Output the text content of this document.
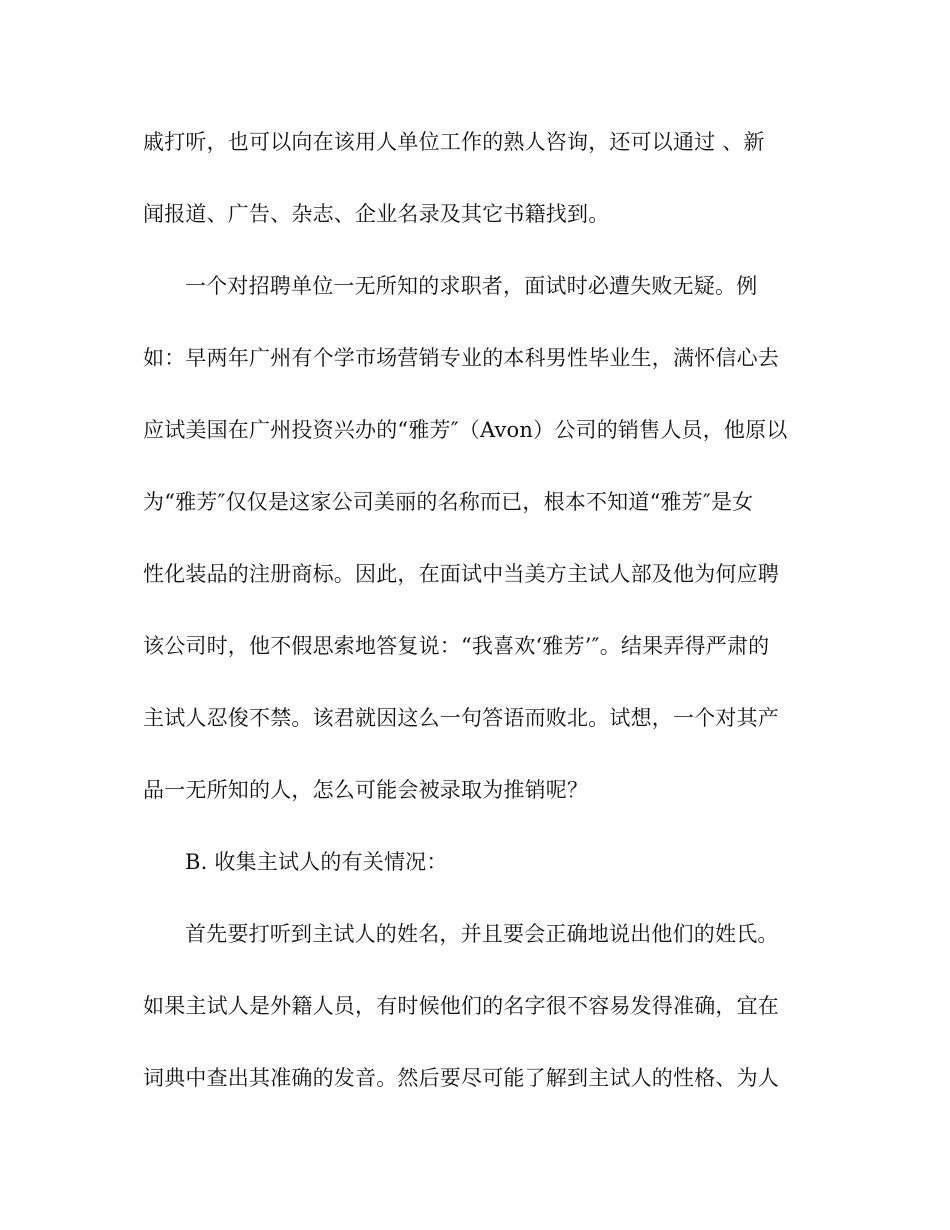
戚打听，也可以向在该用人单位工作的熟人咨询，还可以通过 、新
闻报道、广告、杂志、企业名录及其它书籍找到。
一个对招聘单位一无所知的求职者，面试时必遭失败无疑。例
如：早两年广州有个学市场营销专业的本科男性毕业生，满怀信心去
应试美国在广州投资兴办的“雅芳″（Avon）公司的销售人员，他原以
为“雅芳″仅仅是这家公司美丽的名称而已，根本不知道“雅芳″是女
性化装品的注册商标。因此，在面试中当美方主试人部及他为何应聘
该公司时，他不假思索地答复说：“我喜欢‘雅芳’″。结果弄得严肃的
主试人忍俊不禁。该君就因这么一句答语而败北。试想，一个对其产
品一无所知的人，怎么可能会被录取为推销呢？
B. 收集主试人的有关情况：
首先要打听到主试人的姓名，并且要会正确地说出他们的姓氏。
如果主试人是外籍人员，有时候他们的名字很不容易发得准确，宜在
词典中查出其准确的发音。然后要尽可能了解到主试人的性格、为人
